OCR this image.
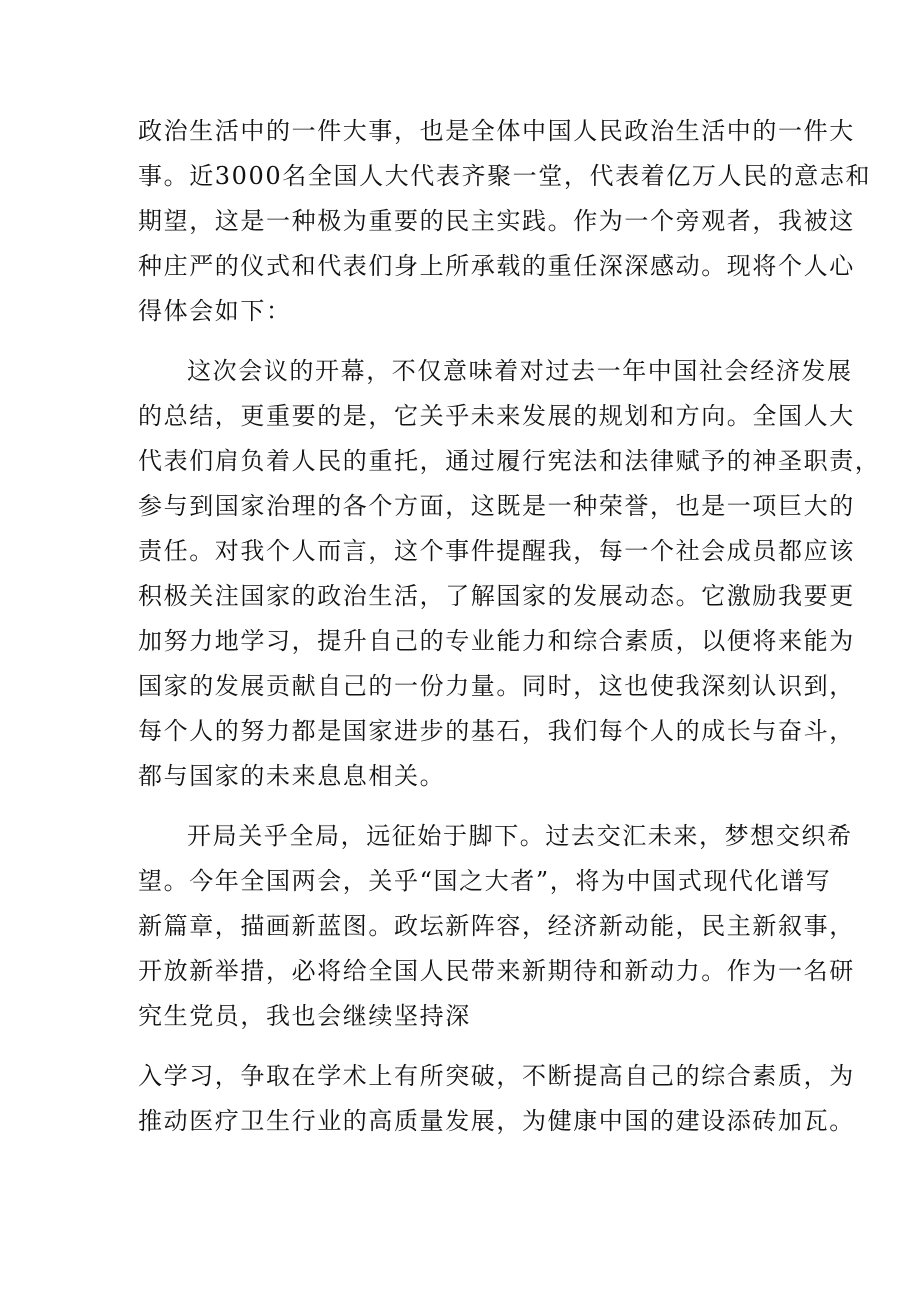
政治生活中的一件大事，也是全体中国人民政治生活中的一件大
事。近3000名全国人大代表齐聚一堂，代表着亿万人民的意志和
期望，这是一种极为重要的民主实践。作为一个旁观者，我被这
种庄严的仪式和代表们身上所承载的重任深深感动。现将个人心
得体会如下：
这次会议的开幕，不仅意味着对过去一年中国社会经济发展
的总结，更重要的是，它关乎未来发展的规划和方向。全国人大
代表们肩负着人民的重托，通过履行宪法和法律赋予的神圣职责，
参与到国家治理的各个方面，这既是一种荣誉，也是一项巨大的
责任。对我个人而言，这个事件提醒我，每一个社会成员都应该
积极关注国家的政治生活，了解国家的发展动态。它激励我要更
加努力地学习，提升自己的专业能力和综合素质，以便将来能为
国家的发展贡献自己的一份力量。同时，这也使我深刻认识到，
每个人的努力都是国家进步的基石，我们每个人的成长与奋斗，
都与国家的未来息息相关。
开局关乎全局，远征始于脚下。过去交汇未来，梦想交织希
望。今年全国两会，关乎“国之大者”，将为中国式现代化谱写
新篇章，描画新蓝图。政坛新阵容，经济新动能，民主新叙事，
开放新举措，必将给全国人民带来新期待和新动力。作为一名研
究生党员，我也会继续坚持深
入学习，争取在学术上有所突破，不断提高自己的综合素质，为
推动医疗卫生行业的高质量发展，为健康中国的建设添砖加瓦。
